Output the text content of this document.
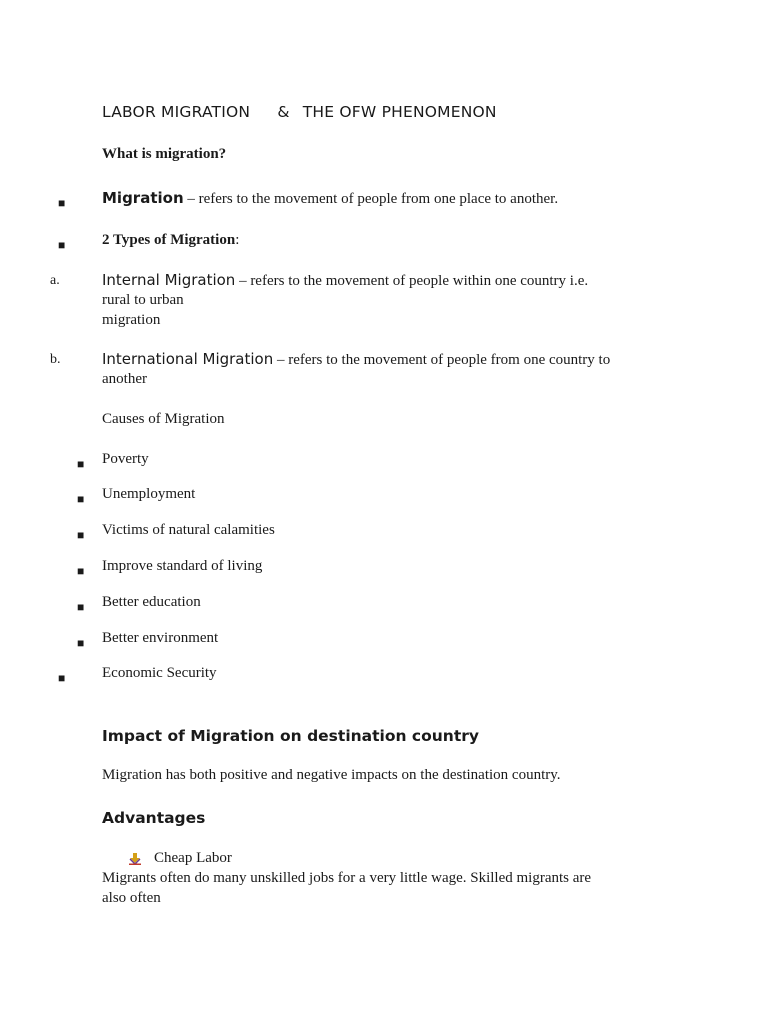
LABOR MIGRATION & THE OFW PHENOMENON
What is migration?
■ Migration – refers to the movement of people from one place to another.
■ 2 Types of Migration:
a.	Internal Migration – refers to the movement of people within one country i.e.
rural to urban
migration
b.	International Migration – refers to the movement of people from one country to
another
Causes of Migration
■ Poverty
■ Unemployment
■ Victims of natural calamities
■ Improve standard of living
■ Better education
■ Better environment
■ Economic Security
Impact of Migration on destination country
Migration has both positive and negative impacts on the destination country.
Advantages
Cheap Labor
Migrants often do many unskilled jobs for a very little wage. Skilled migrants are
also often
